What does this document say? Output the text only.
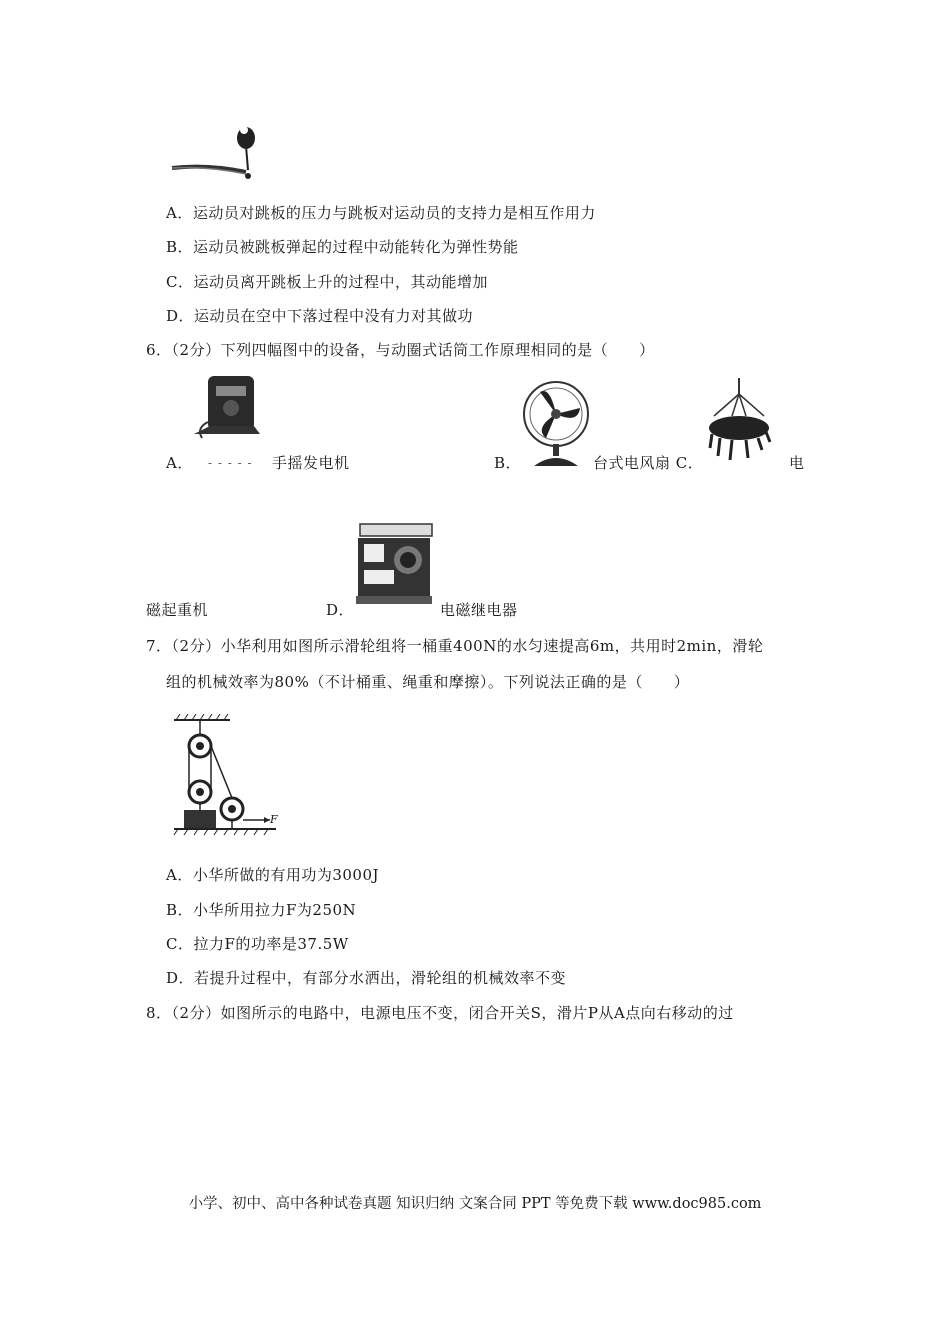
A．运动员对跳板的压力与跳板对运动员的支持力是相互作用力
B．运动员被跳板弹起的过程中动能转化为弹性势能
C．运动员离开跳板上升的过程中，其动能增加
D．运动员在空中下落过程中没有力对其做功
6．（2分）下列四幅图中的设备，与动圈式话筒工作原理相同的是（　　）
A． - - - - - 手摇发电机	B．	台式电风扇 C．	电
磁起重机	D．	电磁继电器
7．（2分）小华利用如图所示滑轮组将一桶重400N的水匀速提高6m，共用时2min，滑轮
组的机械效率为80%（不计桶重、绳重和摩擦）。下列说法正确的是（　　）
F
A．小华所做的有用功为3000J
B．小华所用拉力F为250N
C．拉力F的功率是37.5W
D．若提升过程中，有部分水洒出，滑轮组的机械效率不变
8．（2分）如图所示的电路中，电源电压不变，闭合开关S，滑片P从A点向右移动的过
小学、初中、高中各种试卷真题 知识归纳 文案合同 PPT 等免费下载 www.doc985.com
